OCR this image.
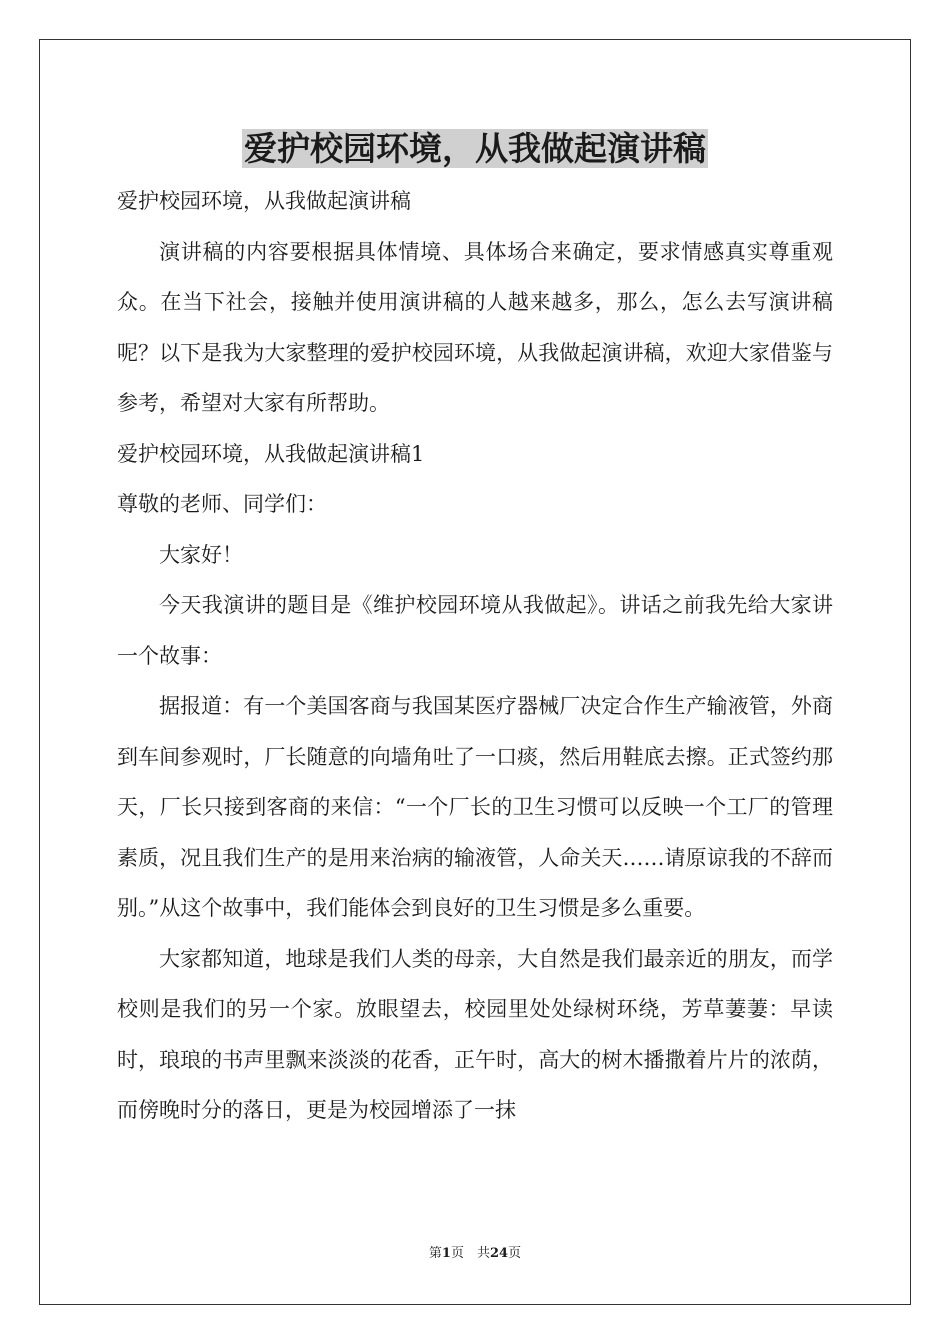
爱护校园环境，从我做起演讲稿

爱护校园环境，从我做起演讲稿

演讲稿的内容要根据具体情境、具体场合来确定，要求情感真实尊重观众。在当下社会，接触并使用演讲稿的人越来越多，那么，怎么去写演讲稿呢？以下是我为大家整理的爱护校园环境，从我做起演讲稿，欢迎大家借鉴与参考，希望对大家有所帮助。

爱护校园环境，从我做起演讲稿1

尊敬的老师、同学们：

大家好！

今天我演讲的题目是《维护校园环境从我做起》。讲话之前我先给大家讲一个故事：

据报道：有一个美国客商与我国某医疗器械厂决定合作生产输液管，外商到车间参观时，厂长随意的向墙角吐了一口痰，然后用鞋底去擦。正式签约那天，厂长只接到客商的来信：“一个厂长的卫生习惯可以反映一个工厂的管理素质，况且我们生产的是用来治病的输液管，人命关天……请原谅我的不辞而别。”从这个故事中，我们能体会到良好的卫生习惯是多么重要。

大家都知道，地球是我们人类的母亲，大自然是我们最亲近的朋友，而学校则是我们的另一个家。放眼望去，校园里处处绿树环绕，芳草萋萋：早读时，琅琅的书声里飘来淡淡的花香，正午时，高大的树木播撒着片片的浓荫，而傍晚时分的落日，更是为校园增添了一抹

第1页　共24页
